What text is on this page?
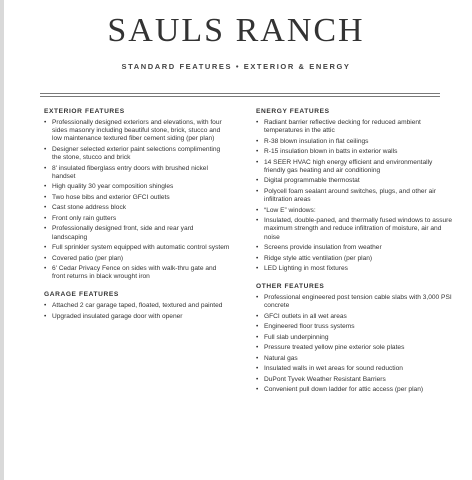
SAULS RANCH
STANDARD FEATURES • EXTERIOR & ENERGY
EXTERIOR FEATURES
• Professionally designed exteriors and elevations, with four sides masonry including beautiful stone, brick, stucco and low maintenance textured fiber cement siding (per plan)
• Designer selected exterior paint selections complimenting the stone, stucco and brick
• 8' insulated fiberglass entry doors with brushed nickel handset
• High quality 30 year composition shingles
• Two hose bibs and exterior GFCI outlets
• Cast stone address block
• Front only rain gutters
• Professionally designed front, side and rear yard landscaping
• Full sprinkler system equipped with automatic control system
• Covered patio (per plan)
• 6' Cedar Privacy Fence on sides with walk-thru gate and front returns in black wrought iron
GARAGE FEATURES
• Attached 2 car garage taped, floated, textured and painted
• Upgraded insulated garage door with opener
ENERGY FEATURES
• Radiant barrier reflective decking for reduced ambient temperatures in the attic
• R-38 blown insulation in flat ceilings
• R-15 insulation blown in batts in exterior walls
• 14 SEER HVAC high energy efficient and environmentally friendly gas heating and air conditioning
• Digital programmable thermostat
• Polycell foam sealant around switches, plugs, and other air infiltration areas
• “Low E” windows:
• Insulated, double-paned, and thermally fused windows to assure maximum strength and reduce infiltration of moisture, air and noise
• Screens provide insulation from weather
• Ridge style attic ventilation (per plan)
• LED Lighting in most fixtures
OTHER FEATURES
• Professional engineered post tension cable slabs with 3,000 PSI concrete
• GFCI outlets in all wet areas
• Engineered floor truss systems
• Full slab underpinning
• Pressure treated yellow pine exterior sole plates
• Natural gas
• Insulated walls in wet areas for sound reduction
• DuPont Tyvek Weather Resistant Barriers
• Convenient pull down ladder for attic access (per plan)
